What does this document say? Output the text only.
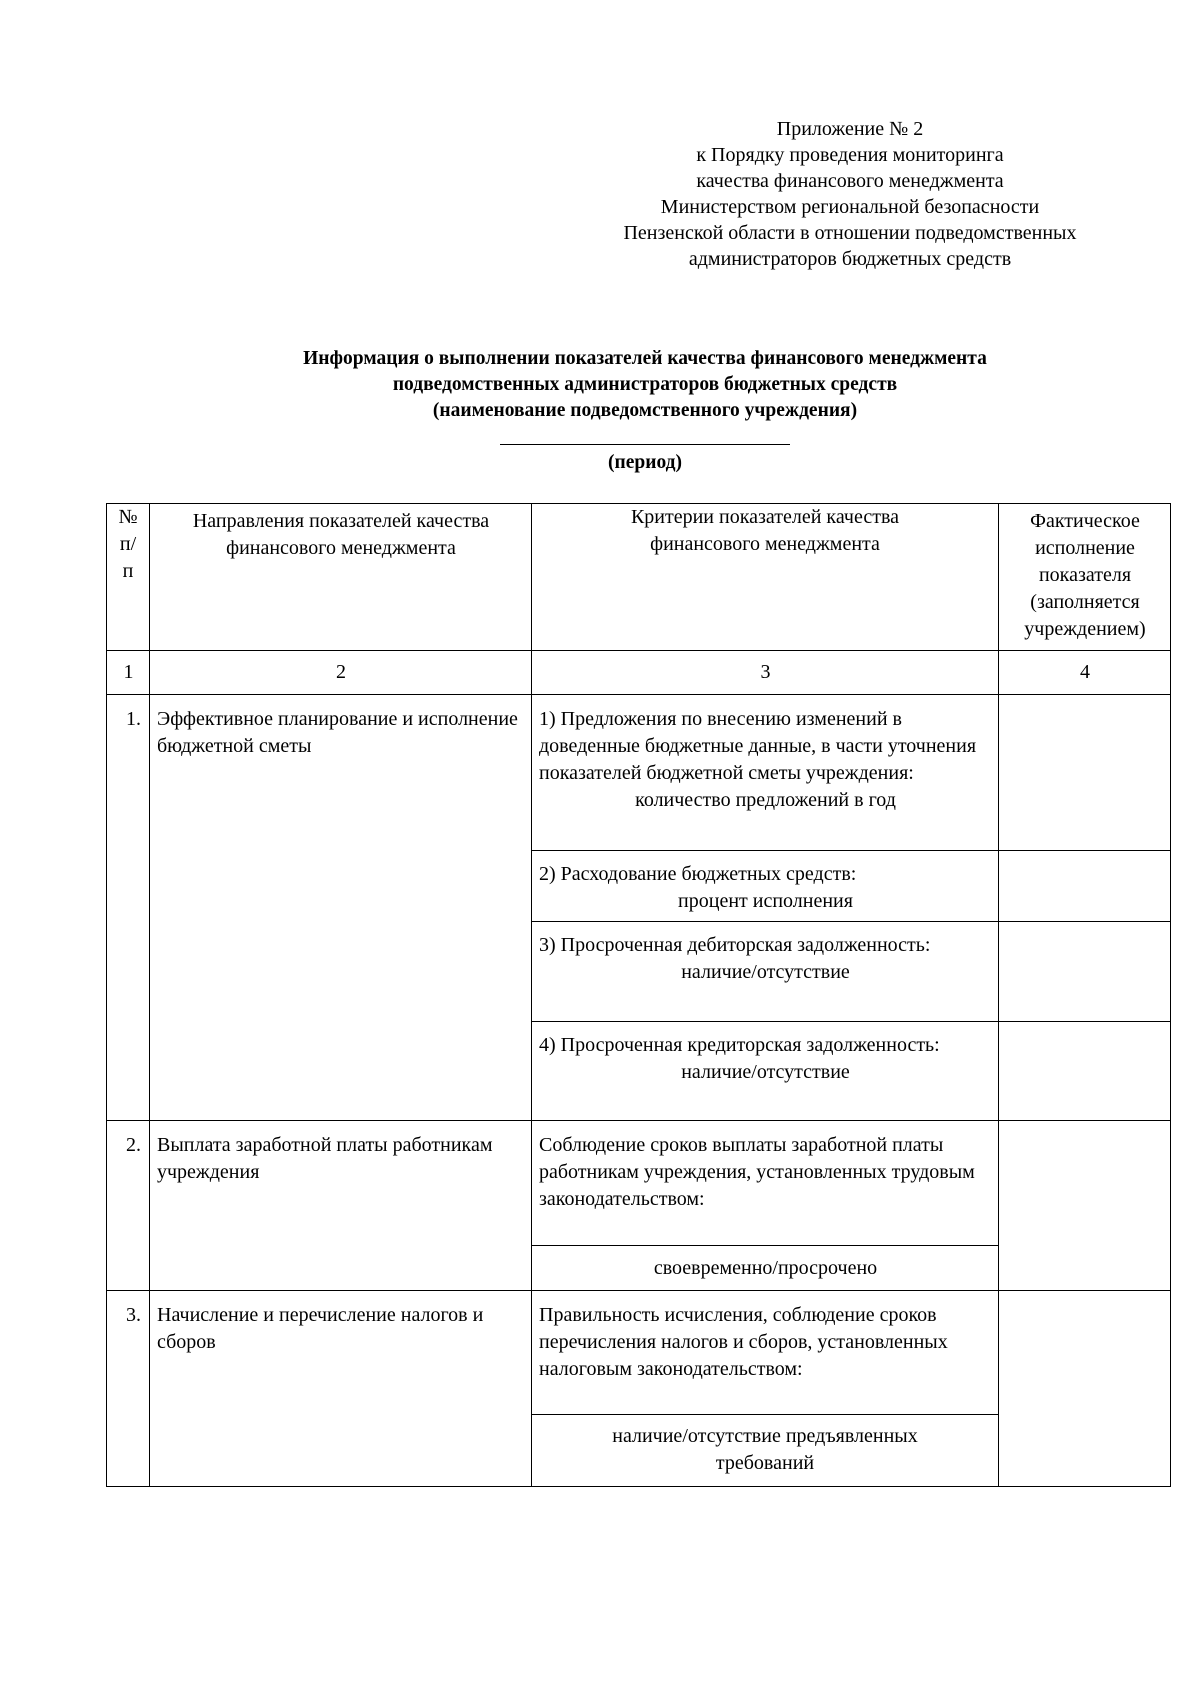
Приложение № 2
к Порядку проведения мониторинга
качества финансового менеджмента
Министерством региональной безопасности
Пензенской области в отношении подведомственных
администраторов бюджетных средств
Информация о выполнении показателей качества финансового менеджмента
подведомственных администраторов бюджетных средств
(наименование подведомственного учреждения)
(период)
№
п/
п	Направления показателей качества финансового менеджмента	Критерии показателей качества финансового менеджмента	Фактическое исполнение показателя (заполняется учреждением)
1	2	3	4
1.	Эффективное планирование и исполнение бюджетной сметы	1) Предложения по внесению изменений в доведенные бюджетные данные, в части уточнения показателей бюджетной сметы учреждения:
количество предложений в год	

		2) Расходование бюджетных средств:
процент исполнения	

		3) Просроченная дебиторская задолженность:
наличие/отсутствие	

		4) Просроченная кредиторская задолженность:
наличие/отсутствие	

2.	Выплата заработной платы работникам учреждения	Соблюдение сроков выплаты заработной платы работникам учреждения, установленных трудовым законодательством:	
		своевременно/просрочено	
3.	Начисление и перечисление налогов и сборов	Правильность исчисления, соблюдение сроков перечисления налогов и сборов, установленных налоговым законодательством:	
		наличие/отсутствие предъявленных требований	
